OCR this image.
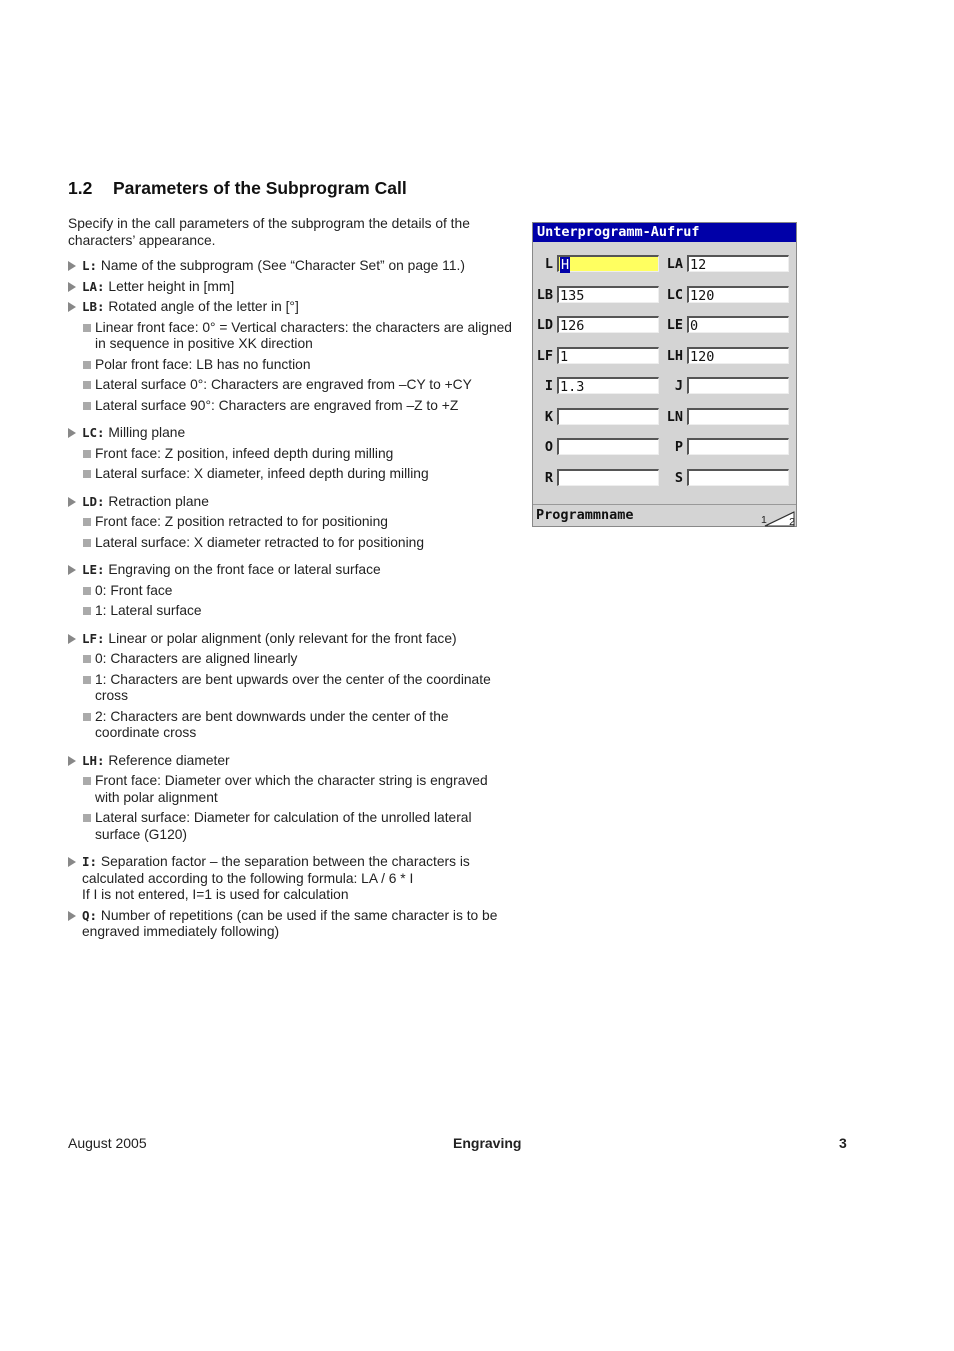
1.2 Parameters of the Subprogram Call

Specify in the call parameters of the subprogram the details of the characters’ appearance.

L: Name of the subprogram (See “Character Set” on page 11.)
LA: Letter height in [mm]
LB: Rotated angle of the letter in [°]
Linear front face: 0° = Vertical characters: the characters are aligned in sequence in positive XK direction
Polar front face: LB has no function
Lateral surface 0°: Characters are engraved from –CY to +CY
Lateral surface 90°: Characters are engraved from –Z to +Z
LC: Milling plane
Front face: Z position, infeed depth during milling
Lateral surface: X diameter, infeed depth during milling
LD: Retraction plane
Front face: Z position retracted to for positioning
Lateral surface: X diameter retracted to for positioning
LE: Engraving on the front face or lateral surface
0: Front face
1: Lateral surface
LF: Linear or polar alignment (only relevant for the front face)
0: Characters are aligned linearly
1: Characters are bent upwards over the center of the coordinate cross
2: Characters are bent downwards under the center of the coordinate cross
LH: Reference diameter
Front face: Diameter over which the character string is engraved with polar alignment
Lateral surface: Diameter for calculation of the unrolled lateral surface (G120)
I: Separation factor – the separation between the characters is calculated according to the following formula: LA / 6 * I
If I is not entered, I=1 is used for calculation
Q: Number of repetitions (can be used if the same character is to be engraved immediately following)
Unterprogramm-Aufruf
L H	LA 12
LB 135	LC 120
LD 126	LE 0
LF 1	LH 120
I 1.3	J
K	LN
O	P
R	S
Programmname	1 2
August 2005	Engraving	3
